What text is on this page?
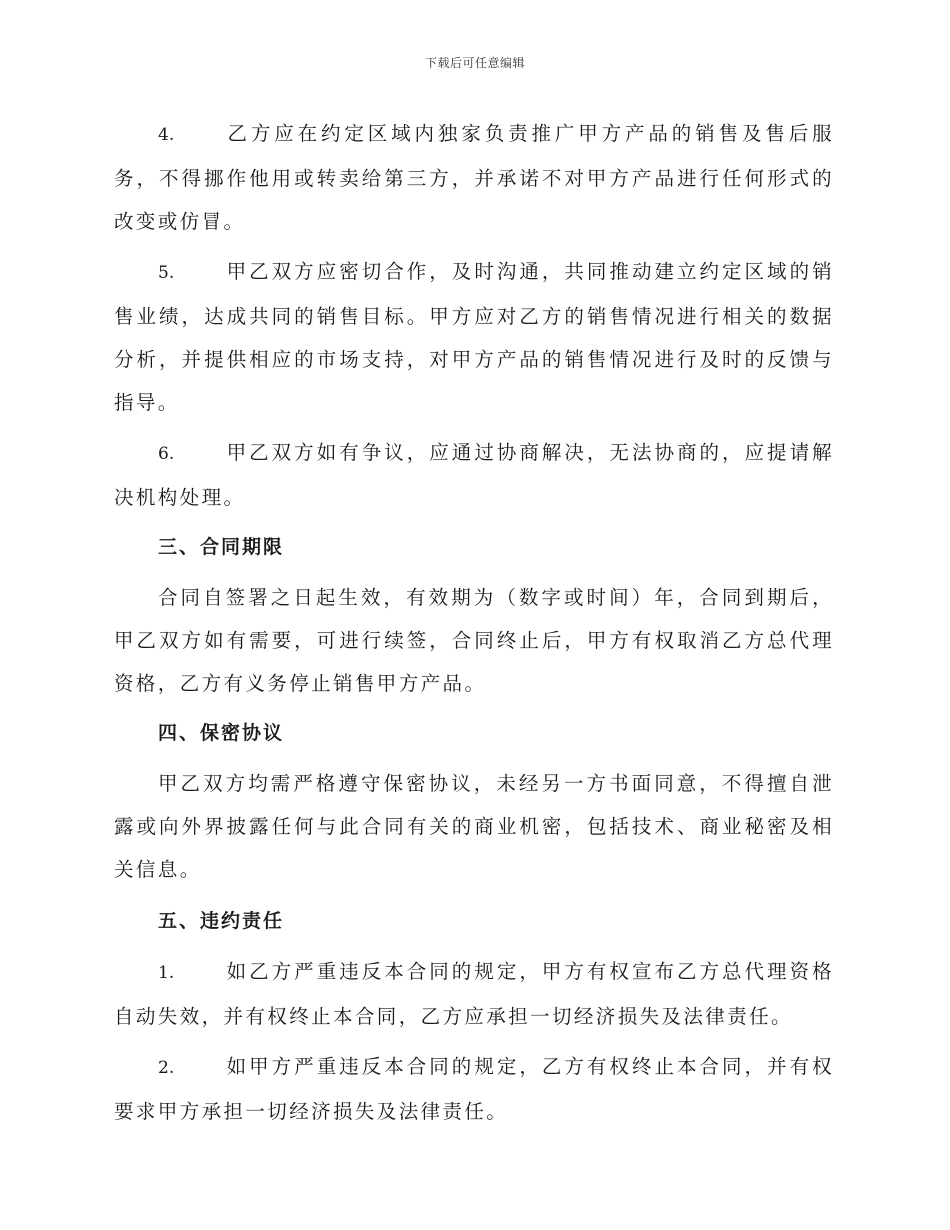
下载后可任意编辑

4.	乙方应在约定区域内独家负责推广甲方产品的销售及售后服务，不得挪作他用或转卖给第三方，并承诺不对甲方产品进行任何形式的改变或仿冒。

5.	甲乙双方应密切合作，及时沟通，共同推动建立约定区域的销售业绩，达成共同的销售目标。甲方应对乙方的销售情况进行相关的数据分析，并提供相应的市场支持，对甲方产品的销售情况进行及时的反馈与指导。

6.	甲乙双方如有争议，应通过协商解决，无法协商的，应提请解决机构处理。

三、合同期限

合同自签署之日起生效，有效期为（数字或时间）年，合同到期后，甲乙双方如有需要，可进行续签，合同终止后，甲方有权取消乙方总代理资格，乙方有义务停止销售甲方产品。

四、保密协议

甲乙双方均需严格遵守保密协议，未经另一方书面同意，不得擅自泄露或向外界披露任何与此合同有关的商业机密，包括技术、商业秘密及相关信息。

五、违约责任

1.	如乙方严重违反本合同的规定，甲方有权宣布乙方总代理资格自动失效，并有权终止本合同，乙方应承担一切经济损失及法律责任。

2.	如甲方严重违反本合同的规定，乙方有权终止本合同，并有权要求甲方承担一切经济损失及法律责任。
